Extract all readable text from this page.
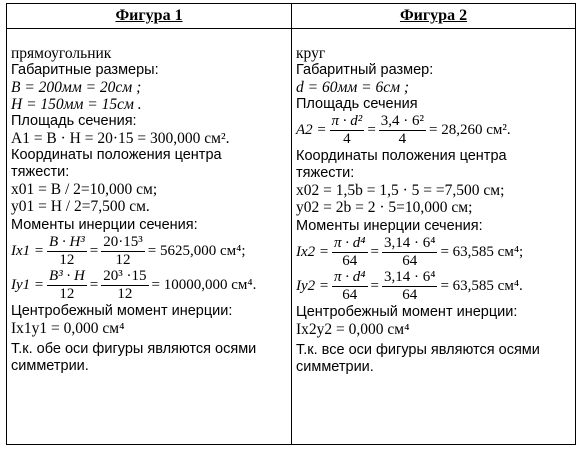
Фигура 1
прямоугольник
Габаритные размеры:
B = 200мм = 20см ;
H = 150мм = 15см .
Площадь сечения:
A1 = B · H = 20·15 = 300,000 см².
Координаты положения центра
тяжести:
x01 = B / 2=10,000 см;
y01 = H / 2=7,500 см.
Моменты инерции сечения:
$Ix1 = \frac{\text{B · H³}}{12} = \frac{\text{20·15³}}{12} = 5625,000$ см⁴;
$Iy1 = \frac{\text{B³ · H}}{12} = \frac{\text{20³ ·15}}{12} = 10000,000$ см⁴.
Центробежный момент инерции:
Ix1y1 = 0,000 см⁴
Т.к. обе оси фигуры являются осями симметрии.
Фигура 2
круг
Габаритный размер:
d = 60мм = 6см ;
Площадь сечения
$A2 = \frac{\text{π · d²}}{4} = \frac{\text{3,4 · 6²}}{4} = 28,260$ см².
Координаты положения центра
тяжести:
x02 = 1,5b = 1,5 · 5 = =7,500 см;
y02 = 2b = 2 · 5=10,000 см;
Моменты инерции сечения:
$Ix2 = \frac{\text{π · d⁴}}{64} = \frac{\text{3,14 · 6⁴}}{64} = 63,585$ см⁴;
$Iy2 = \frac{\text{π · d⁴}}{64} = \frac{\text{3,14 · 6⁴}}{64} = 63,585$ см⁴.
Центробежный момент инерции:
Ix2y2 = 0,000 см⁴
Т.к. все оси фигуры являются осями симметрии.
